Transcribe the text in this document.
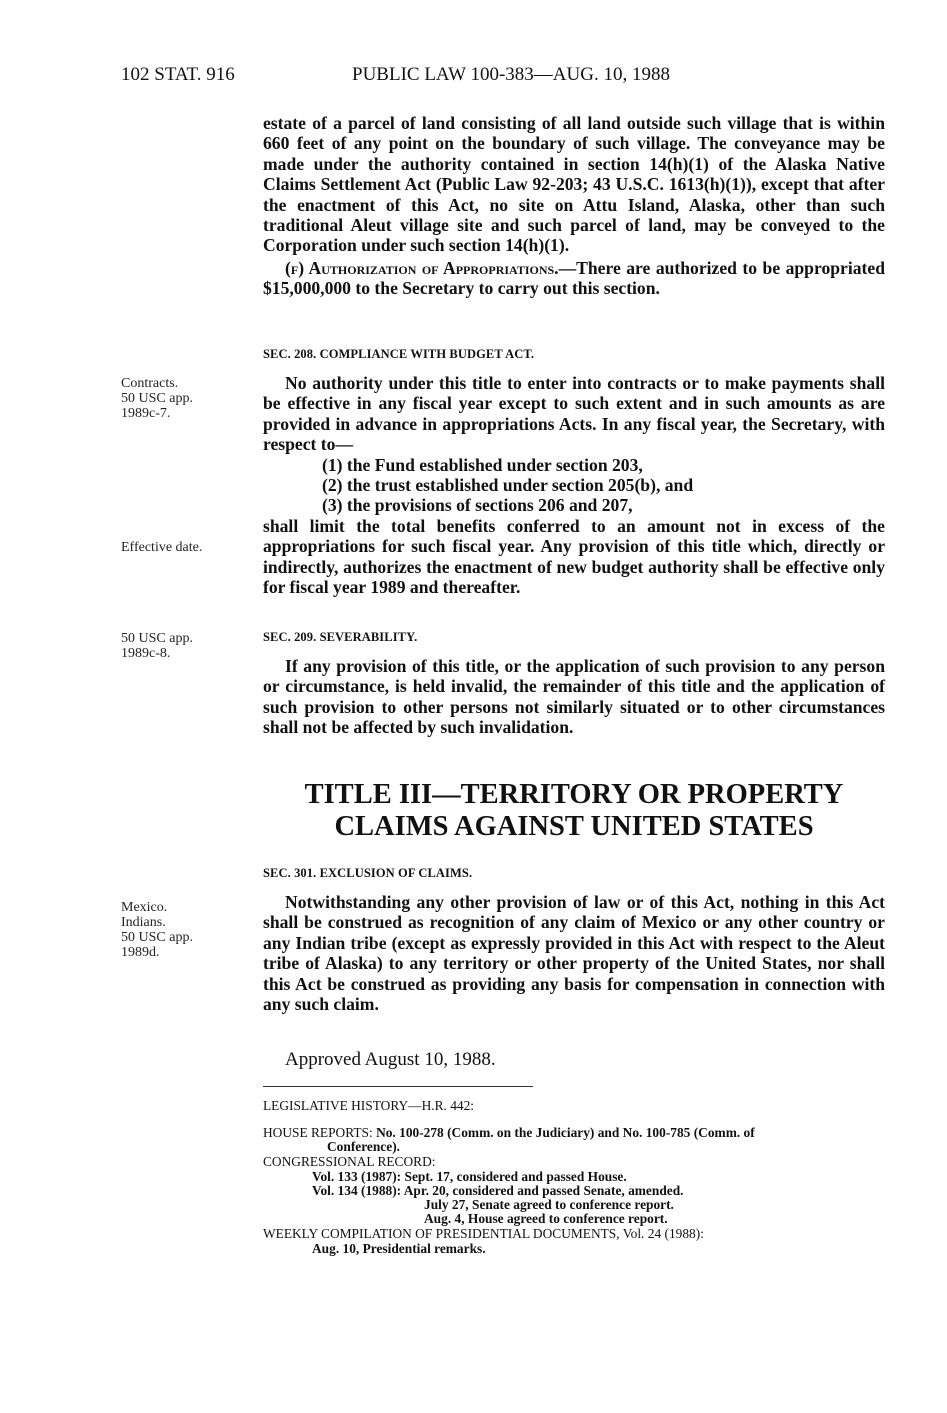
102 STAT. 916	PUBLIC LAW 100-383—AUG. 10, 1988

estate of a parcel of land consisting of all land outside such village that is within 660 feet of any point on the boundary of such village. The conveyance may be made under the authority contained in section 14(h)(1) of the Alaska Native Claims Settlement Act (Public Law 92-203; 43 U.S.C. 1613(h)(1)), except that after the enactment of this Act, no site on Attu Island, Alaska, other than such traditional Aleut village site and such parcel of land, may be conveyed to the Corporation under such section 14(h)(1).

(f) Authorization of Appropriations.—There are authorized to be appropriated $15,000,000 to the Secretary to carry out this section.

SEC. 208. COMPLIANCE WITH BUDGET ACT.

No authority under this title to enter into contracts or to make payments shall be effective in any fiscal year except to such extent and in such amounts as are provided in advance in appropriations Acts. In any fiscal year, the Secretary, with respect to—

(1) the Fund established under section 203,

(2) the trust established under section 205(b), and

(3) the provisions of sections 206 and 207,

shall limit the total benefits conferred to an amount not in excess of the appropriations for such fiscal year. Any provision of this title which, directly or indirectly, authorizes the enactment of new budget authority shall be effective only for fiscal year 1989 and thereafter.

SEC. 209. SEVERABILITY.

If any provision of this title, or the application of such provision to any person or circumstance, is held invalid, the remainder of this title and the application of such provision to other persons not similarly situated or to other circumstances shall not be affected by such invalidation.

TITLE III—TERRITORY OR PROPERTY
CLAIMS AGAINST UNITED STATES

SEC. 301. EXCLUSION OF CLAIMS.

Notwithstanding any other provision of law or of this Act, nothing in this Act shall be construed as recognition of any claim of Mexico or any other country or any Indian tribe (except as expressly provided in this Act with respect to the Aleut tribe of Alaska) to any territory or other property of the United States, nor shall this Act be construed as providing any basis for compensation in connection with any such claim.

Approved August 10, 1988.
Contracts.
50 USC app.
1989c-7.
Effective date.
50 USC app.
1989c-8.
Mexico.
Indians.
50 USC app.
1989d.
LEGISLATIVE HISTORY—H.R. 442:
HOUSE REPORTS: No. 100-278 (Comm. on the Judiciary) and No. 100-785 (Comm. of
Conference).
CONGRESSIONAL RECORD:
Vol. 133 (1987): Sept. 17, considered and passed House.
Vol. 134 (1988): Apr. 20, considered and passed Senate, amended.
July 27, Senate agreed to conference report.
Aug. 4, House agreed to conference report.
WEEKLY COMPILATION OF PRESIDENTIAL DOCUMENTS, Vol. 24 (1988):
Aug. 10, Presidential remarks.
